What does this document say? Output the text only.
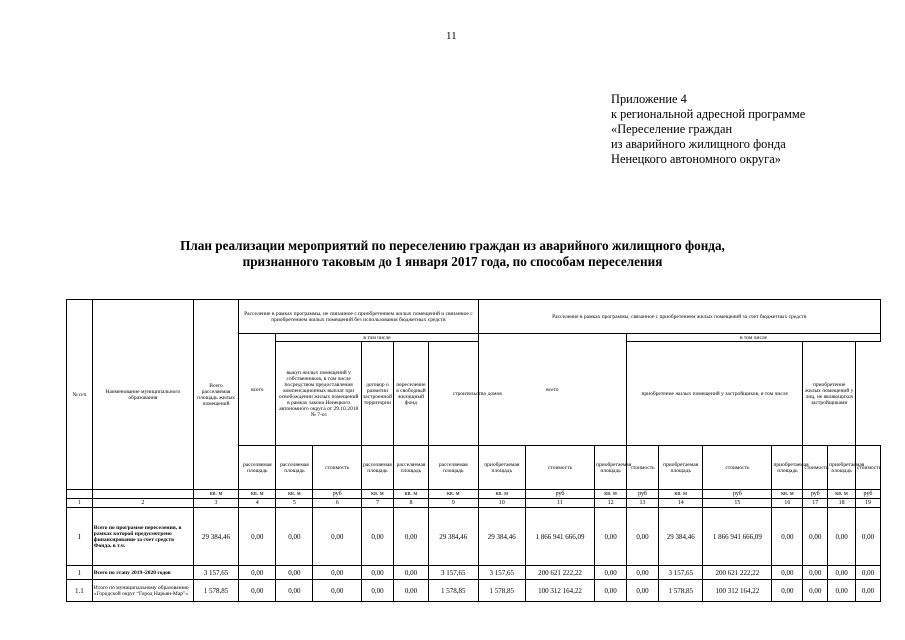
11
Приложение 4
к региональной адресной программе
«Переселение граждан
из аварийного жилищного фонда
Ненецкого автономного округа»
План реализации мероприятий по переселению граждан из аварийного жилищного фонда,
признанного таковым до 1 января 2017 года, по способам переселения
№ п/п	Наименование муниципального образования	Всего расселяемая площадь жилых помещений	Расселение в рамках программы, не связанное с приобретением жилых помещений и связанное с приобретением жилых помещений без использования бюджетных средств						Расселение в рамках программы, связанное с приобретением жилых помещений за счет бюджетных средств									
			всего	в том числе					всего			в том числе						
				выкуп жилых помещений у собственников, в том числе посредством предоставления компенсационных выплат при освобождении жилых помещений в рамках закона Ненецкого автономного округа от 29.10.2018 № 7-оз		договор о развитии застроенной территории	переселение в свободный жилищный фонд	строительство домов				приобретение жилых помещений у застройщиков, в том числе				приобретение жилых помещений у лиц, не являющихся застройщиками		
			расселяемая площадь	расселяемая площадь	стоимость	расселяемая площадь	расселяемая площадь	расселяемая площадь	приобретаемая площадь	стоимость	приобретаемая площадь	стоимость	приобретаемая площадь	стоимость	приобретаемая площадь	стоимость	приобретаемая площадь	стоимость
		кв. м	кв. м	кв. м	руб	кв. м	кв. м	кв. м	кв. м	руб	кв. м	руб	кв. м	руб	кв. м	руб	кв. м	руб
1	2	3	4	5	6	7	8	9	10	11	12	13	14	15	16	17	18	19
I	Всего по программе переселения, в рамках которой предусмотрено финансирование за счет средств Фонда, в т.ч.	29 384,46	0,00	0,00	0,00	0,00	0,00	29 384,46	29 384,46	1 866 941 666,09	0,00	0,00	29 384,46	1 866 941 666,09	0,00	0,00	0,00	0,00
1	Всего по этапу 2019–2020 годов	3 157,65	0,00	0,00	0,00	0,00	0,00	3 157,65	3 157,65	200 621 222,22	0,00	0,00	3 157,65	200 621 222,22	0,00	0,00	0,00	0,00
1.1	Итого по муниципальному образованию «Городской округ “Город Нарьян-Мар”»	1 578,85	0,00	0,00	0,00	0,00	0,00	1 578,85	1 578,85	100 312 164,22	0,00	0,00	1 578,85	100 312 164,22	0,00	0,00	0,00	0,00
